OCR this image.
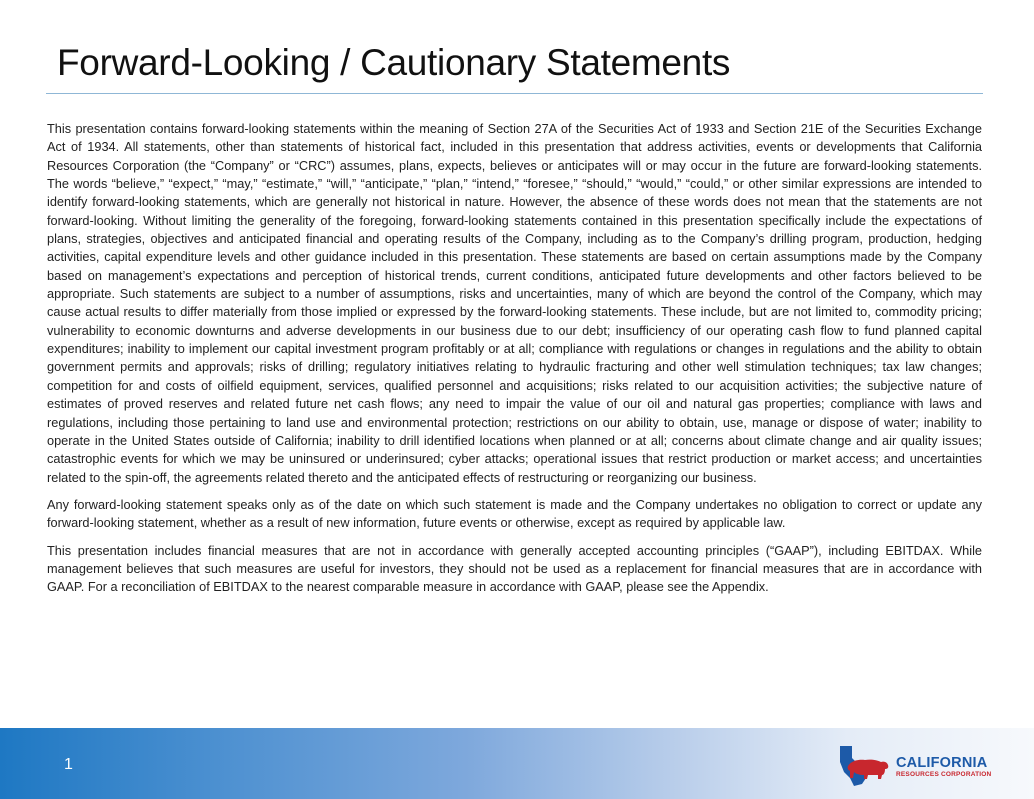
Forward-Looking / Cautionary Statements

This presentation contains forward-looking statements within the meaning of Section 27A of the Securities Act of 1933 and Section 21E of the Securities Exchange Act of 1934. All statements, other than statements of historical fact, included in this presentation that address activities, events or developments that California Resources Corporation (the “Company” or “CRC”) assumes, plans, expects, believes or anticipates will or may occur in the future are forward-looking statements. The words “believe,” “expect,” “may,” “estimate,” “will,” “anticipate,” “plan,” “intend,” “foresee,” “should,” “would,” “could,” or other similar expressions are intended to identify forward-looking statements, which are generally not historical in nature. However, the absence of these words does not mean that the statements are not forward-looking. Without limiting the generality of the foregoing, forward-looking statements contained in this presentation specifically include the expectations of plans, strategies, objectives and anticipated financial and operating results of the Company, including as to the Company’s drilling program, production, hedging activities, capital expenditure levels and other guidance included in this presentation. These statements are based on certain assumptions made by the Company based on management’s expectations and perception of historical trends, current conditions, anticipated future developments and other factors believed to be appropriate. Such statements are subject to a number of assumptions, risks and uncertainties, many of which are beyond the control of the Company, which may cause actual results to differ materially from those implied or expressed by the forward-looking statements. These include, but are not limited to, commodity pricing; vulnerability to economic downturns and adverse developments in our business due to our debt; insufficiency of our operating cash flow to fund planned capital expenditures; inability to implement our capital investment program profitably or at all; compliance with regulations or changes in regulations and the ability to obtain government permits and approvals; risks of drilling; regulatory initiatives relating to hydraulic fracturing and other well stimulation techniques; tax law changes; competition for and costs of oilfield equipment, services, qualified personnel and acquisitions; risks related to our acquisition activities; the subjective nature of estimates of proved reserves and related future net cash flows; any need to impair the value of our oil and natural gas properties; compliance with laws and regulations, including those pertaining to land use and environmental protection; restrictions on our ability to obtain, use, manage or dispose of water; inability to operate in the United States outside of California; inability to drill identified locations when planned or at all; concerns about climate change and air quality issues; catastrophic events for which we may be uninsured or underinsured; cyber attacks; operational issues that restrict production or market access; and uncertainties related to the spin-off, the agreements related thereto and the anticipated effects of restructuring or reorganizing our business.

Any forward-looking statement speaks only as of the date on which such statement is made and the Company undertakes no obligation to correct or update any forward-looking statement, whether as a result of new information, future events or otherwise, except as required by applicable law.

This presentation includes financial measures that are not in accordance with generally accepted accounting principles (“GAAP”), including EBITDAX. While management believes that such measures are useful for investors, they should not be used as a replacement for financial measures that are in accordance with GAAP. For a reconciliation of EBITDAX to the nearest comparable measure in accordance with GAAP, please see the Appendix.

1	CALIFORNIA
RESOURCES CORPORATION
